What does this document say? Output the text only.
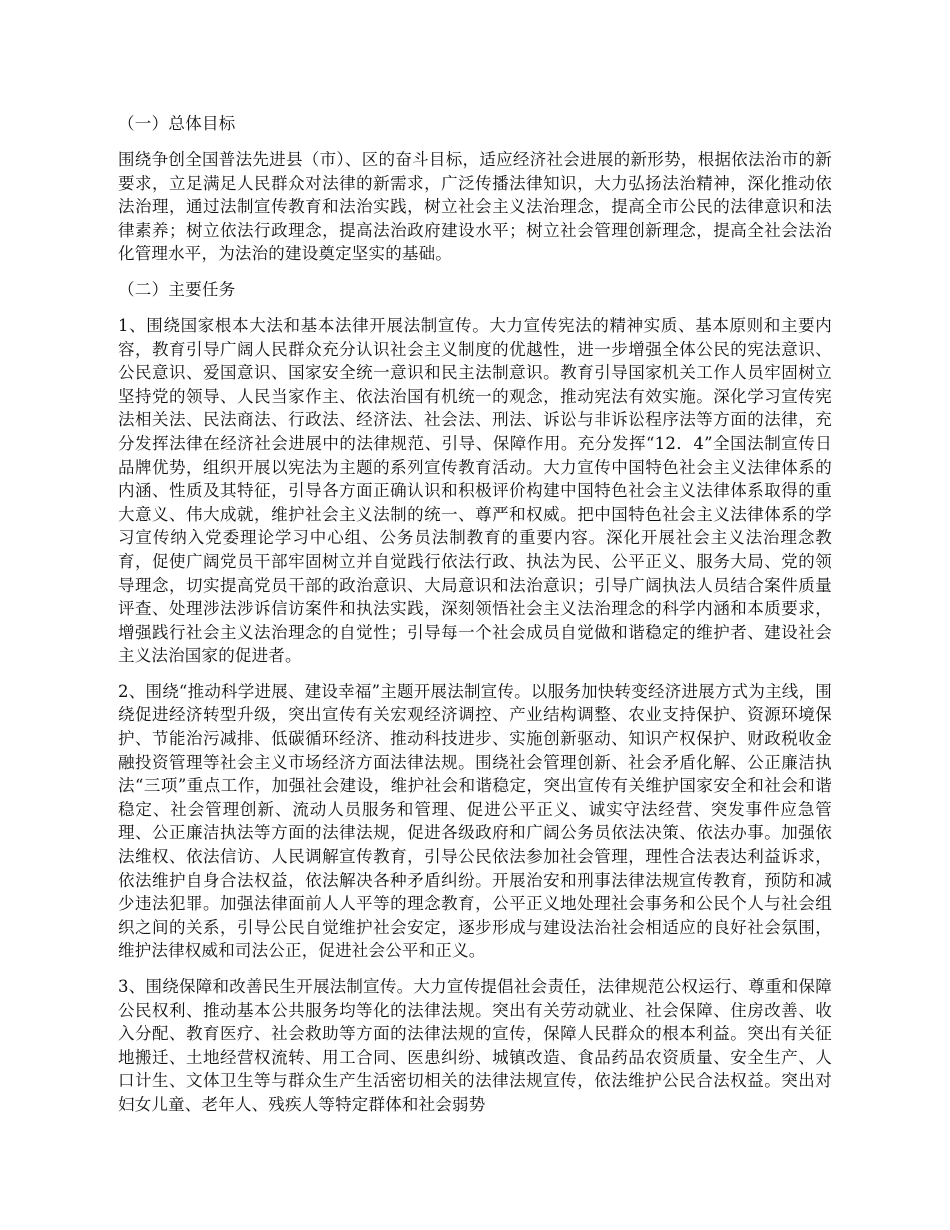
（一）总体目标

围绕争创全国普法先进县（市）、区的奋斗目标，适应经济社会进展的新形势，根据依法治市的新要求，立足满足人民群众对法律的新需求，广泛传播法律知识，大力弘扬法治精神，深化推动依法治理，通过法制宣传教育和法治实践，树立社会主义法治理念，提高全市公民的法律意识和法律素养；树立依法行政理念，提高法治政府建设水平；树立社会管理创新理念，提高全社会法治化管理水平，为法治的建设奠定坚实的基础。

（二）主要任务

1、围绕国家根本大法和基本法律开展法制宣传。大力宣传宪法的精神实质、基本原则和主要内容，教育引导广阔人民群众充分认识社会主义制度的优越性，进一步增强全体公民的宪法意识、公民意识、爱国意识、国家安全统一意识和民主法制意识。教育引导国家机关工作人员牢固树立坚持党的领导、人民当家作主、依法治国有机统一的观念，推动宪法有效实施。深化学习宣传宪法相关法、民法商法、行政法、经济法、社会法、刑法、诉讼与非诉讼程序法等方面的法律，充分发挥法律在经济社会进展中的法律规范、引导、保障作用。充分发挥“12．4”全国法制宣传日品牌优势，组织开展以宪法为主题的系列宣传教育活动。大力宣传中国特色社会主义法律体系的内涵、性质及其特征，引导各方面正确认识和积极评价构建中国特色社会主义法律体系取得的重大意义、伟大成就，维护社会主义法制的统一、尊严和权威。把中国特色社会主义法律体系的学习宣传纳入党委理论学习中心组、公务员法制教育的重要内容。深化开展社会主义法治理念教育，促使广阔党员干部牢固树立并自觉践行依法行政、执法为民、公平正义、服务大局、党的领导理念，切实提高党员干部的政治意识、大局意识和法治意识；引导广阔执法人员结合案件质量评查、处理涉法涉诉信访案件和执法实践，深刻领悟社会主义法治理念的科学内涵和本质要求，增强践行社会主义法治理念的自觉性；引导每一个社会成员自觉做和谐稳定的维护者、建设社会主义法治国家的促进者。

2、围绕“推动科学进展、建设幸福”主题开展法制宣传。以服务加快转变经济进展方式为主线，围绕促进经济转型升级，突出宣传有关宏观经济调控、产业结构调整、农业支持保护、资源环境保护、节能治污减排、低碳循环经济、推动科技进步、实施创新驱动、知识产权保护、财政税收金融投资管理等社会主义市场经济方面法律法规。围绕社会管理创新、社会矛盾化解、公正廉洁执法“三项”重点工作，加强社会建设，维护社会和谐稳定，突出宣传有关维护国家安全和社会和谐稳定、社会管理创新、流动人员服务和管理、促进公平正义、诚实守法经营、突发事件应急管理、公正廉洁执法等方面的法律法规，促进各级政府和广阔公务员依法决策、依法办事。加强依法维权、依法信访、人民调解宣传教育，引导公民依法参加社会管理，理性合法表达利益诉求，依法维护自身合法权益，依法解决各种矛盾纠纷。开展治安和刑事法律法规宣传教育，预防和减少违法犯罪。加强法律面前人人平等的理念教育，公平正义地处理社会事务和公民个人与社会组织之间的关系，引导公民自觉维护社会安定，逐步形成与建设法治社会相适应的良好社会氛围，维护法律权威和司法公正，促进社会公平和正义。

3、围绕保障和改善民生开展法制宣传。大力宣传提倡社会责任，法律规范公权运行、尊重和保障公民权利、推动基本公共服务均等化的法律法规。突出有关劳动就业、社会保障、住房改善、收入分配、教育医疗、社会救助等方面的法律法规的宣传，保障人民群众的根本利益。突出有关征地搬迁、土地经营权流转、用工合同、医患纠纷、城镇改造、食品药品农资质量、安全生产、人口计生、文体卫生等与群众生产生活密切相关的法律法规宣传，依法维护公民合法权益。突出对妇女儿童、老年人、残疾人等特定群体和社会弱势
